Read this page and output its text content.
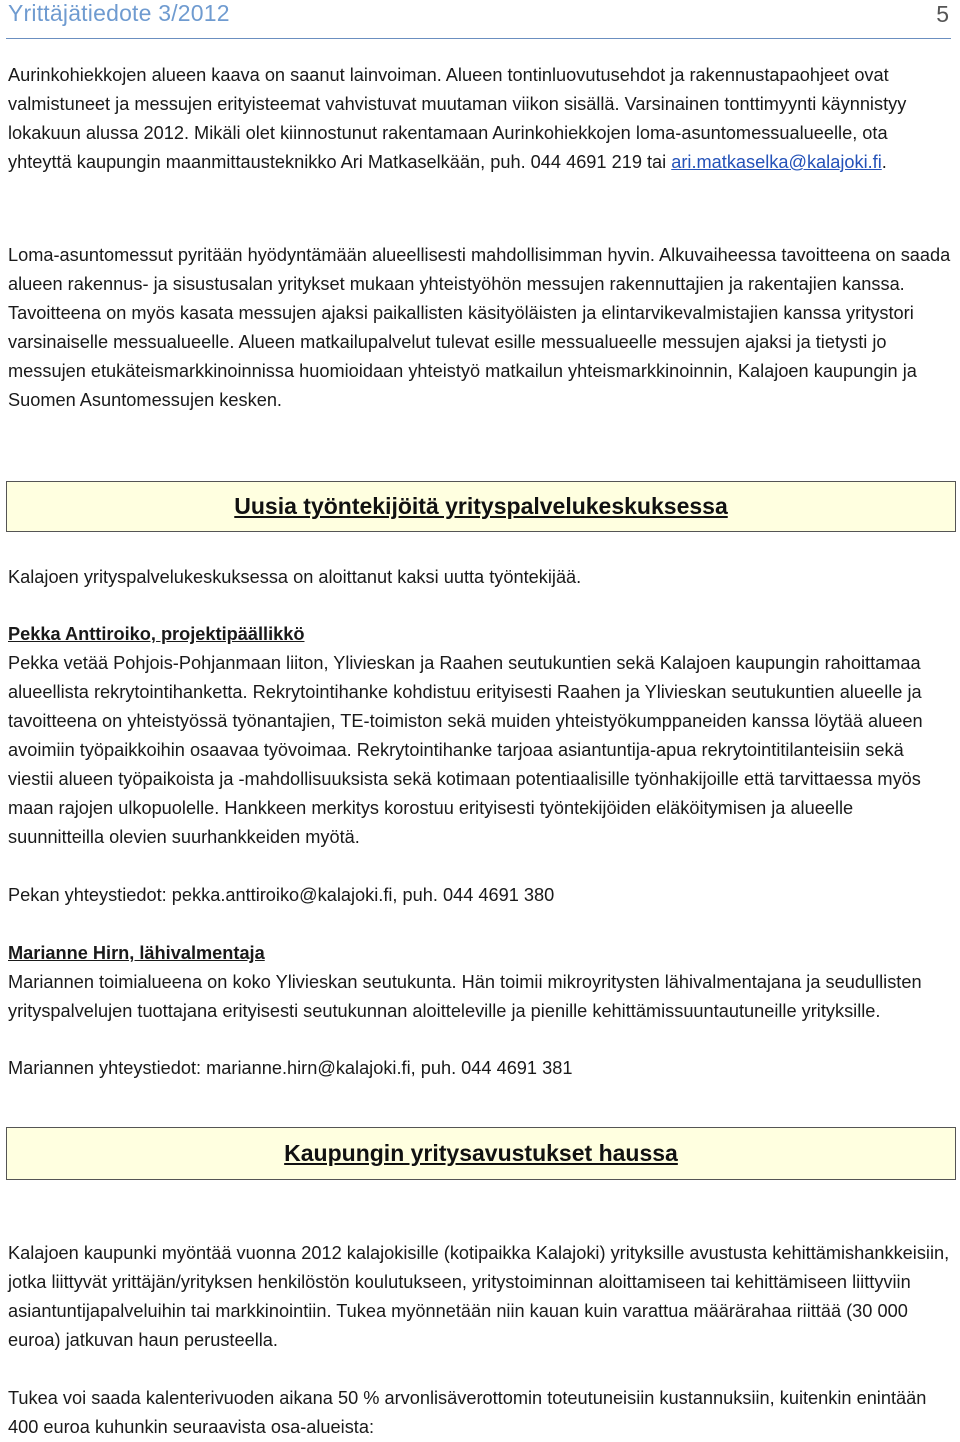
Yrittäjätiedote 3/2012	5

Aurinkohiekkojen alueen kaava on saanut lainvoiman. Alueen tontinluovutusehdot ja rakennustapaohjeet ovat valmistuneet ja messujen erityisteemat vahvistuvat muutaman viikon sisällä. Varsinainen tonttimyynti käynnistyy lokakuun alussa 2012. Mikäli olet kiinnostunut rakentamaan Aurinkohiekkojen loma-asuntomessualueelle, ota yhteyttä kaupungin maanmittausteknikko Ari Matkaselkään, puh. 044 4691 219 tai ari.matkaselka@kalajoki.fi.

Loma-asuntomessut pyritään hyödyntämään alueellisesti mahdollisimman hyvin. Alkuvaiheessa tavoitteena on saada alueen rakennus- ja sisustusalan yritykset mukaan yhteistyöhön messujen rakennuttajien ja rakentajien kanssa. Tavoitteena on myös kasata messujen ajaksi paikallisten käsityöläisten ja elintarvikevalmistajien kanssa yritystori varsinaiselle messualueelle. Alueen matkailupalvelut tulevat esille messualueelle messujen ajaksi ja tietysti jo messujen etukäteismarkkinoinnissa huomioidaan yhteistyö matkailun yhteismarkkinoinnin, Kalajoen kaupungin ja Suomen Asuntomessujen kesken.

Uusia työntekijöitä yrityspalvelukeskuksessa

Kalajoen yrityspalvelukeskuksessa on aloittanut kaksi uutta työntekijää.

Pekka Anttiroiko, projektipäällikkö

Pekka vetää Pohjois-Pohjanmaan liiton, Ylivieskan ja Raahen seutukuntien sekä Kalajoen kaupungin rahoittamaa alueellista rekrytointihanketta. Rekrytointihanke kohdistuu erityisesti Raahen ja Ylivieskan seutukuntien alueelle ja tavoitteena on yhteistyössä työnantajien, TE-toimiston sekä muiden yhteistyökumppaneiden kanssa löytää alueen avoimiin työpaikkoihin osaavaa työvoimaa. Rekrytointihanke tarjoaa asiantuntija-apua rekrytointitilanteisiin sekä viestii alueen työpaikoista ja -mahdollisuuksista sekä kotimaan potentiaalisille työnhakijoille että tarvittaessa myös maan rajojen ulkopuolelle. Hankkeen merkitys korostuu erityisesti työntekijöiden eläköitymisen ja alueelle suunnitteilla olevien suurhankkeiden myötä.

Pekan yhteystiedot: pekka.anttiroiko@kalajoki.fi, puh. 044 4691 380

Marianne Hirn, lähivalmentaja

Mariannen toimialueena on koko Ylivieskan seutukunta. Hän toimii mikroyritysten lähivalmentajana ja seudullisten yrityspalvelujen tuottajana erityisesti seutukunnan aloitteleville ja pienille kehittämissuuntautuneille yrityksille.

Mariannen yhteystiedot: marianne.hirn@kalajoki.fi, puh. 044 4691 381

Kaupungin yritysavustukset haussa

Kalajoen kaupunki myöntää vuonna 2012 kalajokisille (kotipaikka Kalajoki) yrityksille avustusta kehittämishankkeisiin, jotka liittyvät yrittäjän/yrityksen henkilöstön koulutukseen, yritystoiminnan aloittamiseen tai kehittämiseen liittyviin asiantuntijapalveluihin tai markkinointiin. Tukea myönnetään niin kauan kuin varattua määrärahaa riittää (30 000 euroa) jatkuvan haun perusteella.

Tukea voi saada kalenterivuoden aikana 50 % arvonlisäverottomin toteutuneisiin kustannuksiin, kuitenkin enintään 400 euroa kuhunkin seuraavista osa-alueista:
